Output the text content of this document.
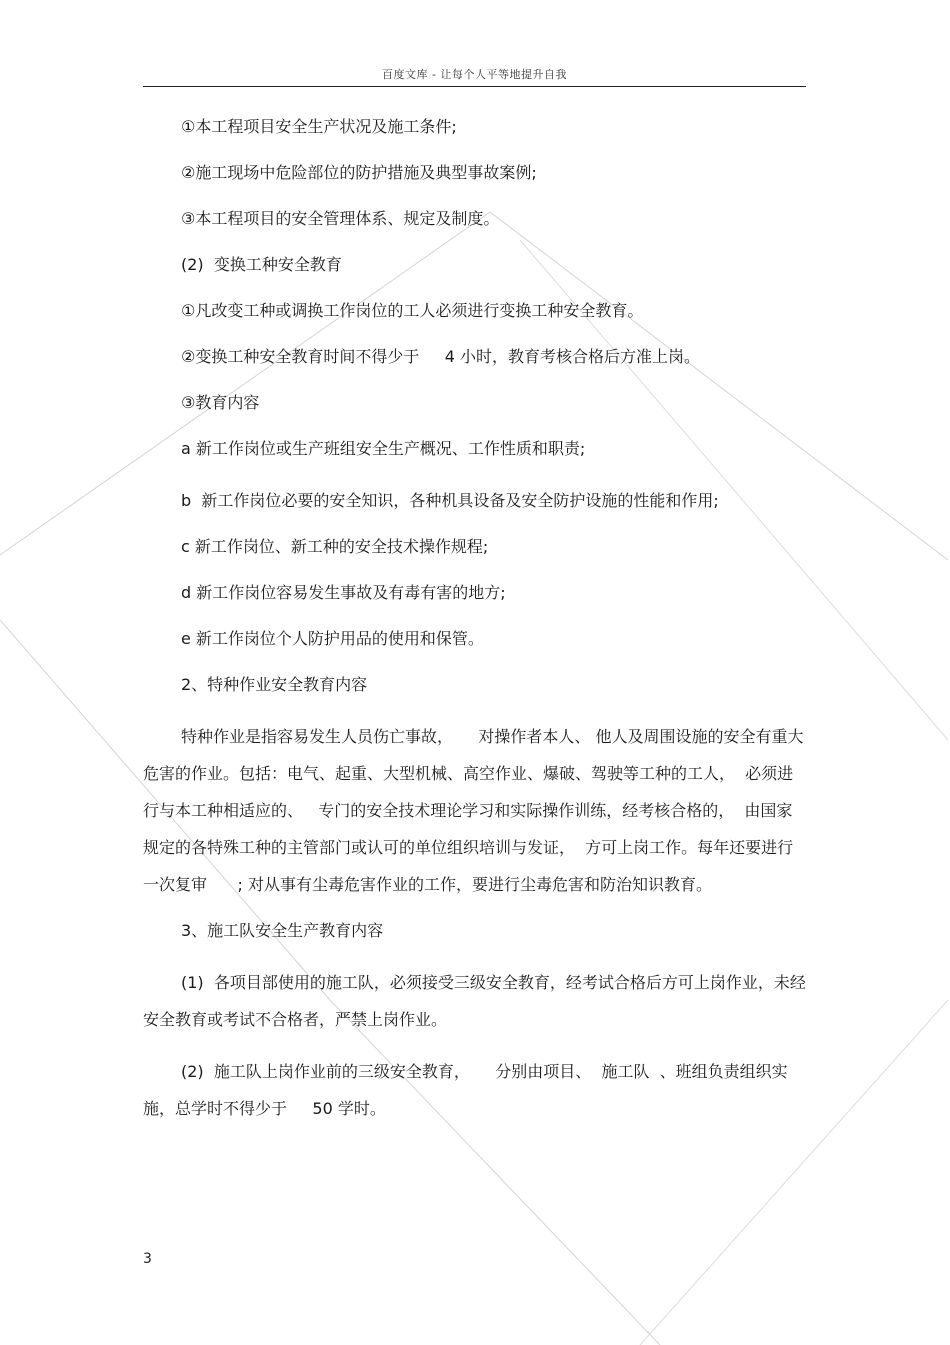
百度文库 - 让每个人平等地提升自我

①本工程项目安全生产状况及施工条件;

②施工现场中危险部位的防护措施及典型事故案例;

③本工程项目的安全管理体系、规定及制度。

(2)  变换工种安全教育

①凡改变工种或调换工作岗位的工人必须进行变换工种安全教育。

②变换工种安全教育时间不得少于     4 小时，教育考核合格后方准上岗。

③教育内容

a 新工作岗位或生产班组安全生产概况、工作性质和职责;

b  新工作岗位必要的安全知识，各种机具设备及安全防护设施的性能和作用;

c 新工作岗位、新工种的安全技术操作规程;

d 新工作岗位容易发生事故及有毒有害的地方;

e 新工作岗位个人防护用品的使用和保管。

2、特种作业安全教育内容

特种作业是指容易发生人员伤亡事故，     对操作者本人、 他人及周围设施的安全有重大危害的作业。包括：电气、起重、大型机械、高空作业、爆破、驾驶等工种的工人，  必须进行与本工种相适应的、   专门的安全技术理论学习和实际操作训练，经考核合格的，  由国家规定的各特殊工种的主管部门或认可的单位组织培训与发证，  方可上岗工作。每年还要进行一次复审      ; 对从事有尘毒危害作业的工作，要进行尘毒危害和防治知识教育。

3、施工队安全生产教育内容

(1)  各项目部使用的施工队，必须接受三级安全教育，经考试合格后方可上岗作业，未经安全教育或考试不合格者，严禁上岗作业。

(2)  施工队上岗作业前的三级安全教育，     分别由项目、  施工队  、班组负责组织实施，总学时不得少于     50 学时。

3
